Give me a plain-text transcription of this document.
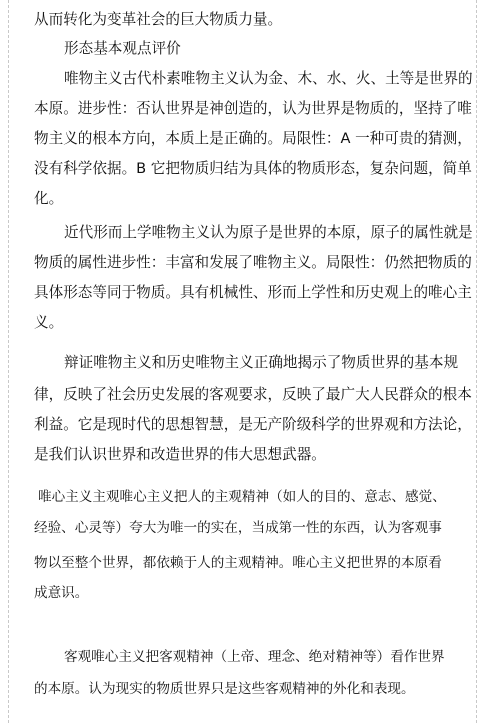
从而转化为变革社会的巨大物质力量。
形态基本观点评价
唯物主义古代朴素唯物主义认为金、木、水、火、土等是世界的
本原。进步性：否认世界是神创造的，认为世界是物质的，坚持了唯
物主义的根本方向，本质上是正确的。局限性：A 一种可贵的猜测，
没有科学依据。B 它把物质归结为具体的物质形态，复杂问题，简单
化。
近代形而上学唯物主义认为原子是世界的本原，原子的属性就是
物质的属性进步性：丰富和发展了唯物主义。局限性：仍然把物质的
具体形态等同于物质。具有机械性、形而上学性和历史观上的唯心主
义。
辩证唯物主义和历史唯物主义正确地揭示了物质世界的基本规
律，反映了社会历史发展的客观要求，反映了最广大人民群众的根本
利益。它是现时代的思想智慧，是无产阶级科学的世界观和方法论，
是我们认识世界和改造世界的伟大思想武器。
唯心主义主观唯心主义把人的主观精神（如人的目的、意志、感觉、
经验、心灵等）夸大为唯一的实在，当成第一性的东西，认为客观事
物以至整个世界，都依赖于人的主观精神。唯心主义把世界的本原看
成意识。
客观唯心主义把客观精神（上帝、理念、绝对精神等）看作世界
的本原。认为现实的物质世界只是这些客观精神的外化和表现。
